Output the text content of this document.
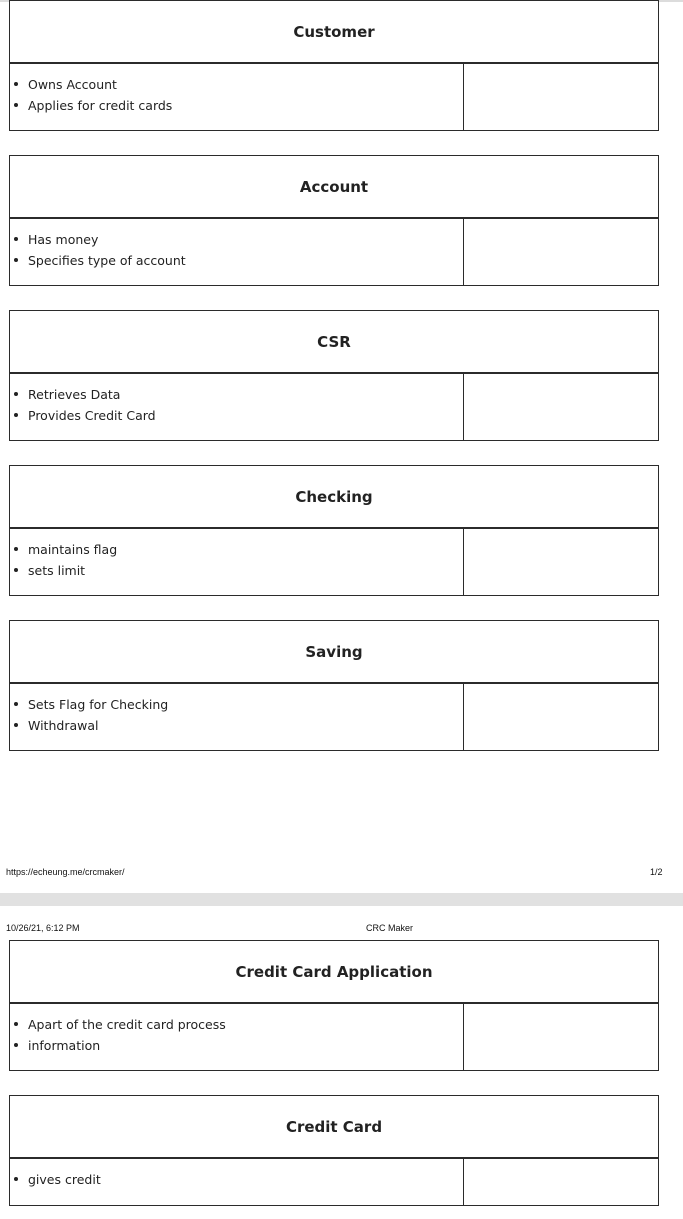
Customer
Owns Account
Applies for credit cards
Account
Has money
Specifies type of account
CSR
Retrieves Data
Provides Credit Card
Checking
maintains flag
sets limit
Saving
Sets Flag for Checking
Withdrawal
https://echeung.me/crcmaker/	1/2
10/26/21, 6:12 PM	CRC Maker
Credit Card Application
Apart of the credit card process
information
Credit Card
gives credit
